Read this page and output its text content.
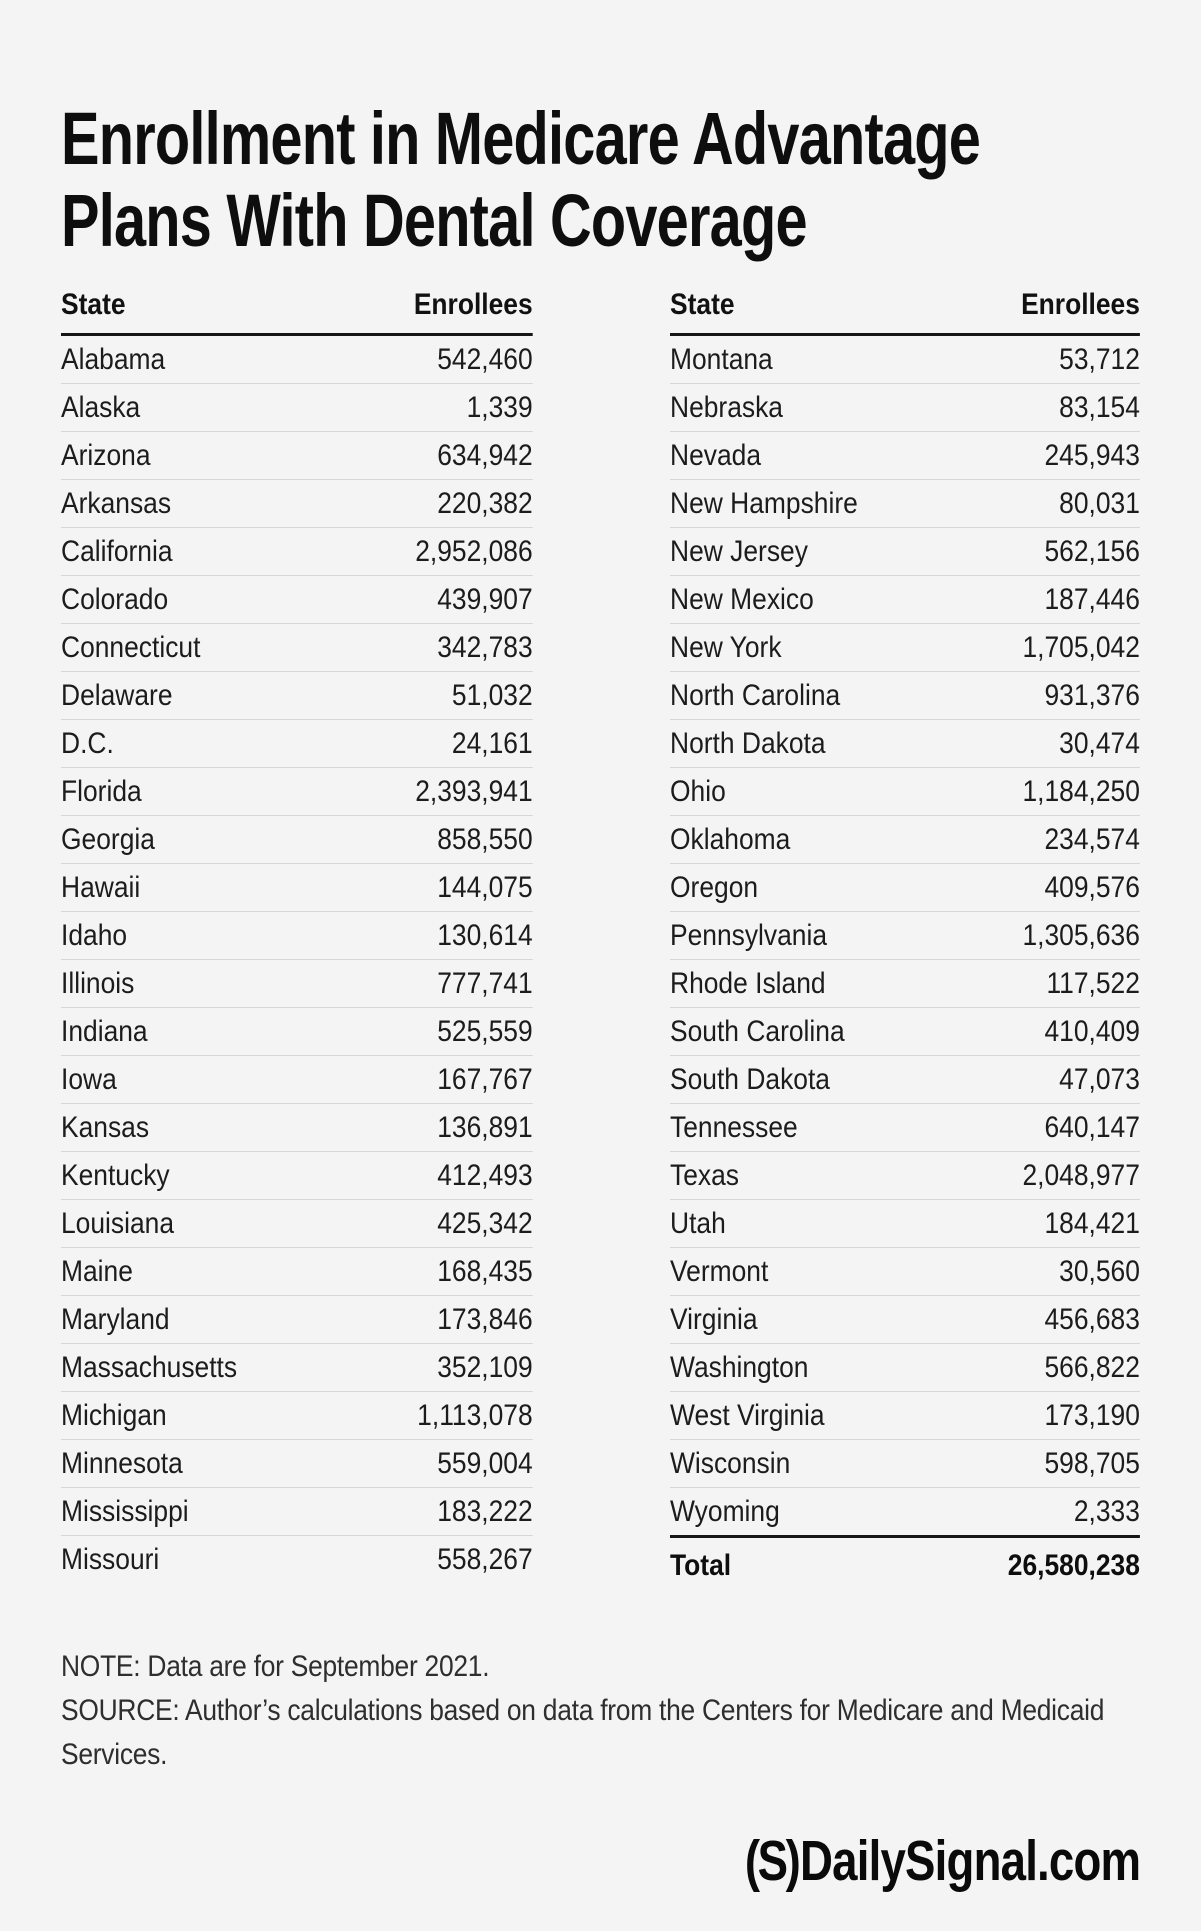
Enrollment in Medicare Advantage Plans With Dental Coverage
State	Enrollees
Alabama	542,460
Alaska	1,339
Arizona	634,942
Arkansas	220,382
California	2,952,086
Colorado	439,907
Connecticut	342,783
Delaware	51,032
D.C.	24,161
Florida	2,393,941
Georgia	858,550
Hawaii	144,075
Idaho	130,614
Illinois	777,741
Indiana	525,559
Iowa	167,767
Kansas	136,891
Kentucky	412,493
Louisiana	425,342
Maine	168,435
Maryland	173,846
Massachusetts	352,109
Michigan	1,113,078
Minnesota	559,004
Mississippi	183,222
Missouri	558,267
State	Enrollees
Montana	53,712
Nebraska	83,154
Nevada	245,943
New Hampshire	80,031
New Jersey	562,156
New Mexico	187,446
New York	1,705,042
North Carolina	931,376
North Dakota	30,474
Ohio	1,184,250
Oklahoma	234,574
Oregon	409,576
Pennsylvania	1,305,636
Rhode Island	117,522
South Carolina	410,409
South Dakota	47,073
Tennessee	640,147
Texas	2,048,977
Utah	184,421
Vermont	30,560
Virginia	456,683
Washington	566,822
West Virginia	173,190
Wisconsin	598,705
Wyoming	2,333
Total	26,580,238

NOTE: Data are for September 2021.

SOURCE: Author’s calculations based on data from the Centers for Medicare and Medicaid Services.

(S)DailySignal.com
